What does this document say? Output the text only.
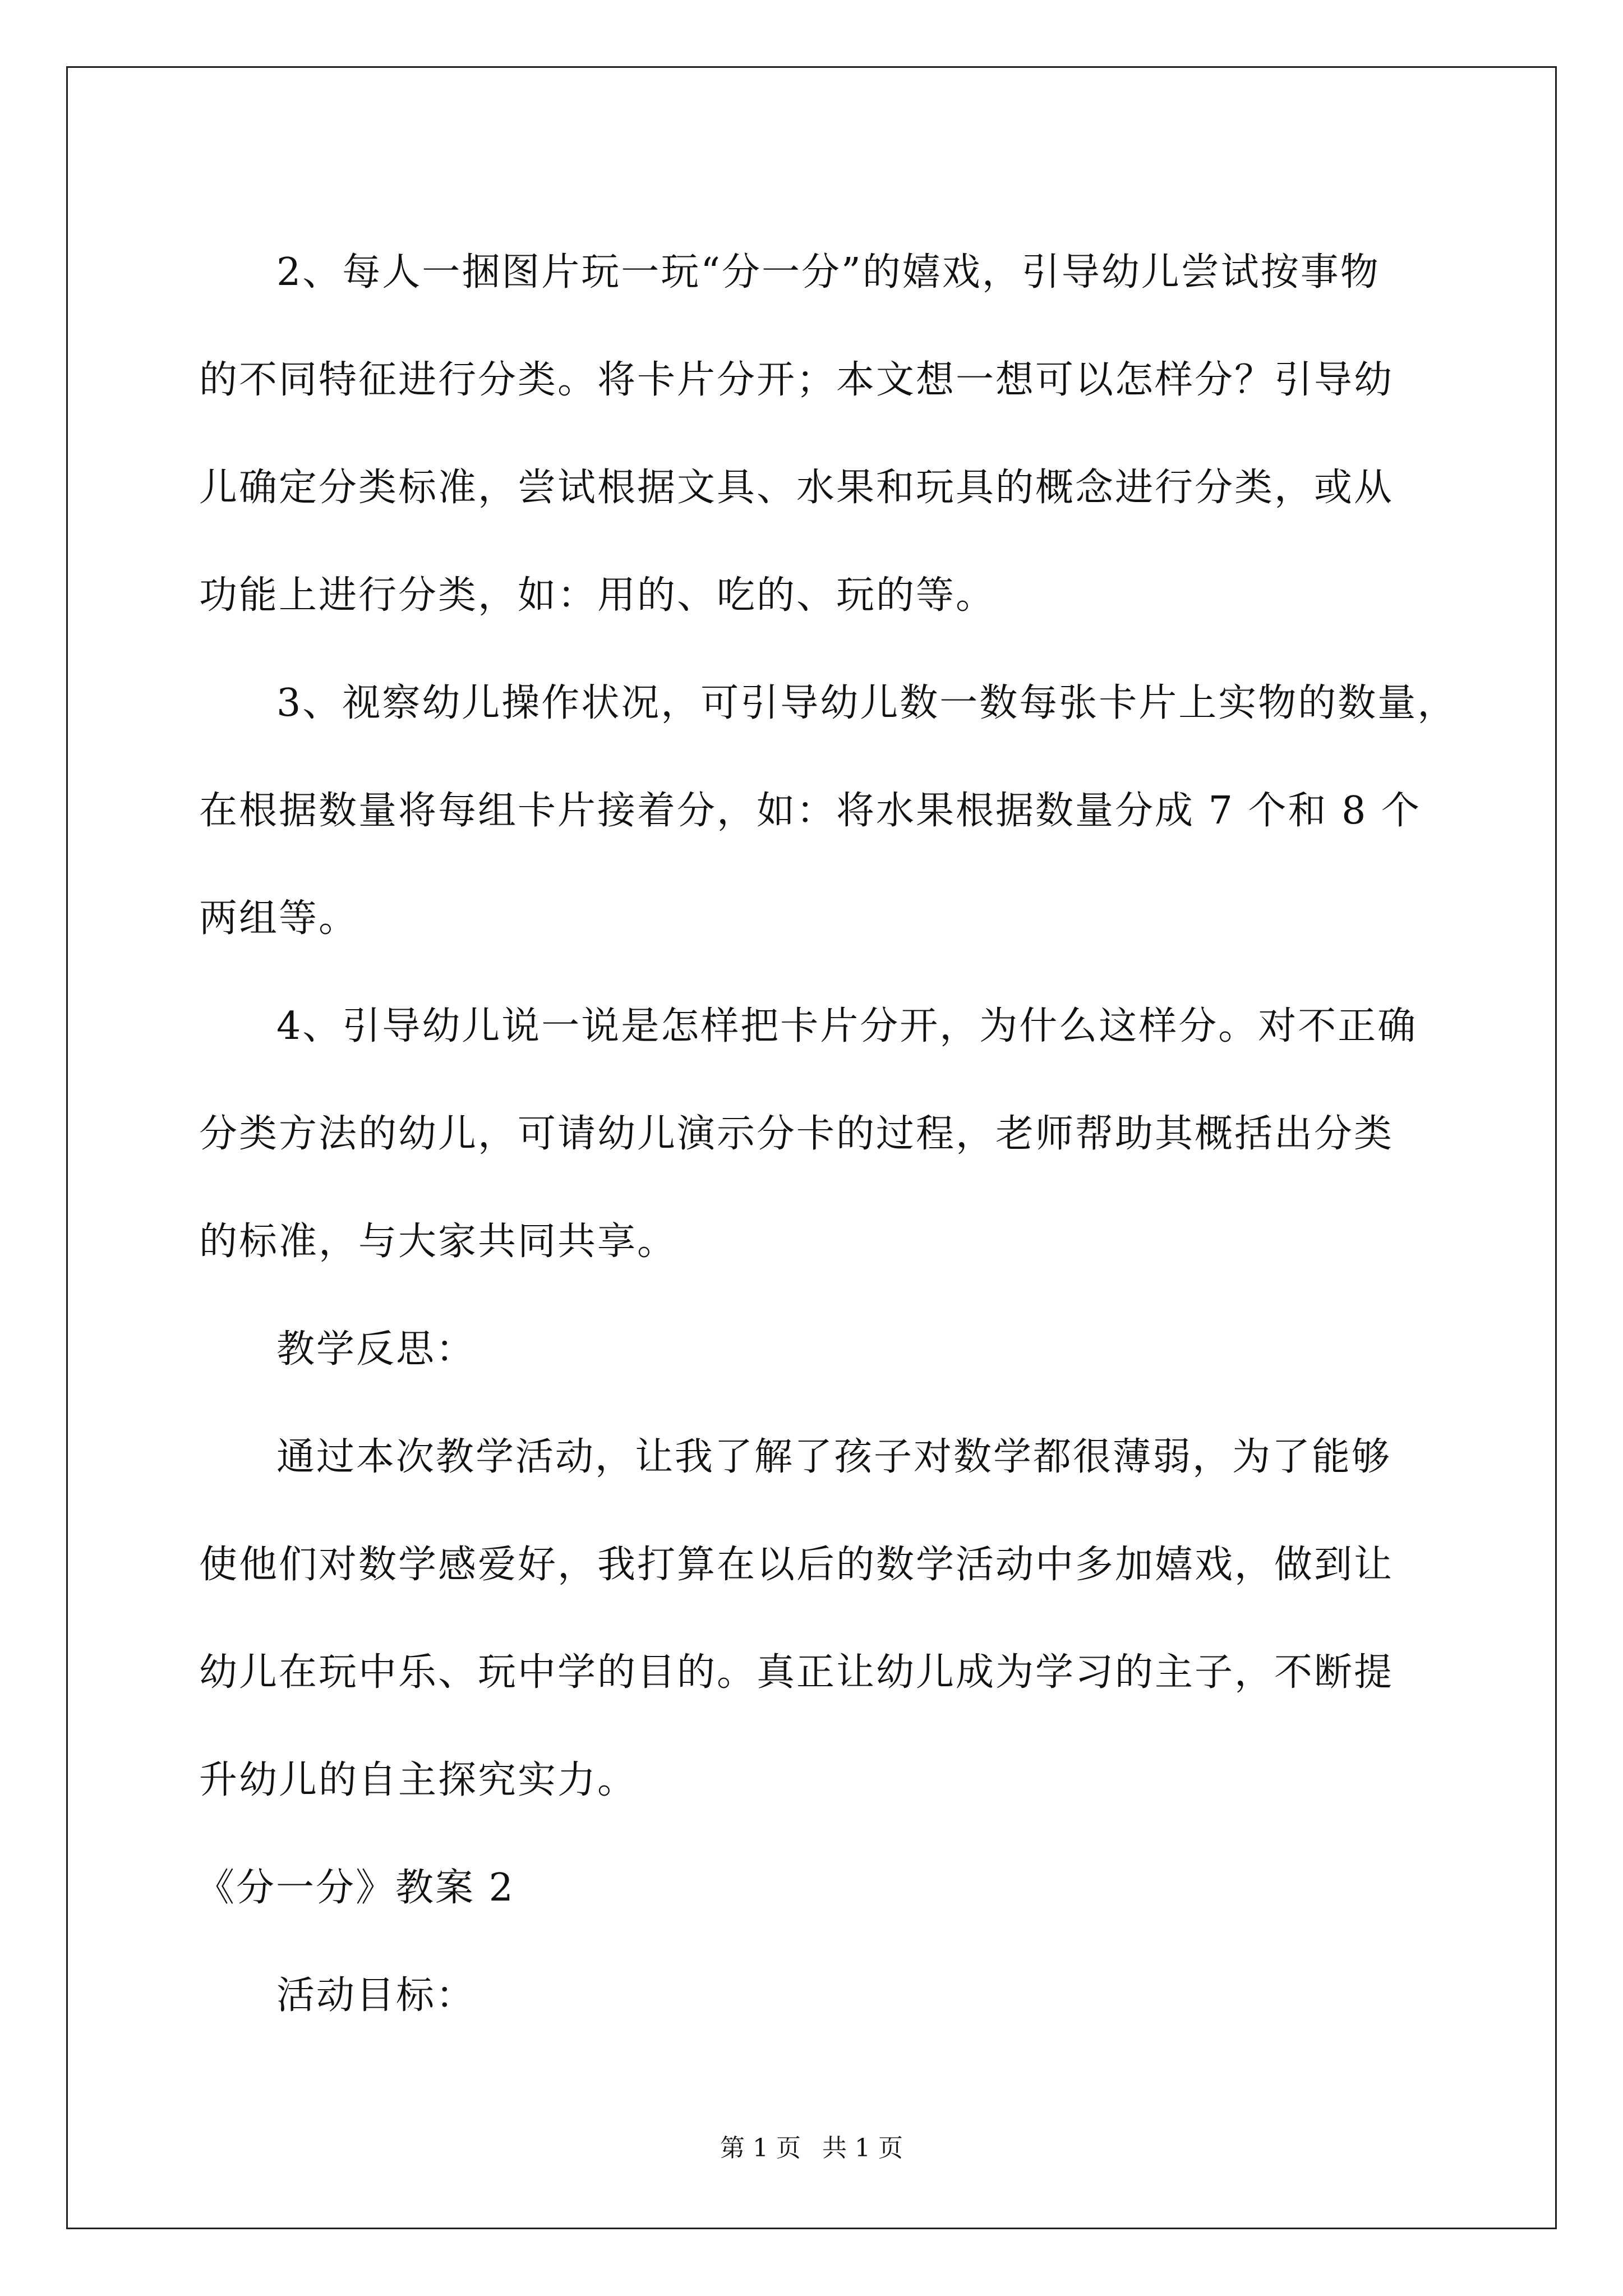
2、每人一捆图片玩一玩“分一分”的嬉戏，引导幼儿尝试按事物
的不同特征进行分类。将卡片分开；本文想一想可以怎样分？引导幼
儿确定分类标准，尝试根据文具、水果和玩具的概念进行分类，或从
功能上进行分类，如：用的、吃的、玩的等。
3、视察幼儿操作状况，可引导幼儿数一数每张卡片上实物的数量，
在根据数量将每组卡片接着分，如：将水果根据数量分成 7 个和 8 个
两组等。
4、引导幼儿说一说是怎样把卡片分开，为什么这样分。对不正确
分类方法的幼儿，可请幼儿演示分卡的过程，老师帮助其概括出分类
的标准，与大家共同共享。
教学反思：
通过本次教学活动，让我了解了孩子对数学都很薄弱，为了能够
使他们对数学感爱好，我打算在以后的数学活动中多加嬉戏，做到让
幼儿在玩中乐、玩中学的目的。真正让幼儿成为学习的主子，不断提
升幼儿的自主探究实力。
《分一分》教案 2
活动目标：
第 1 页 共 1 页
